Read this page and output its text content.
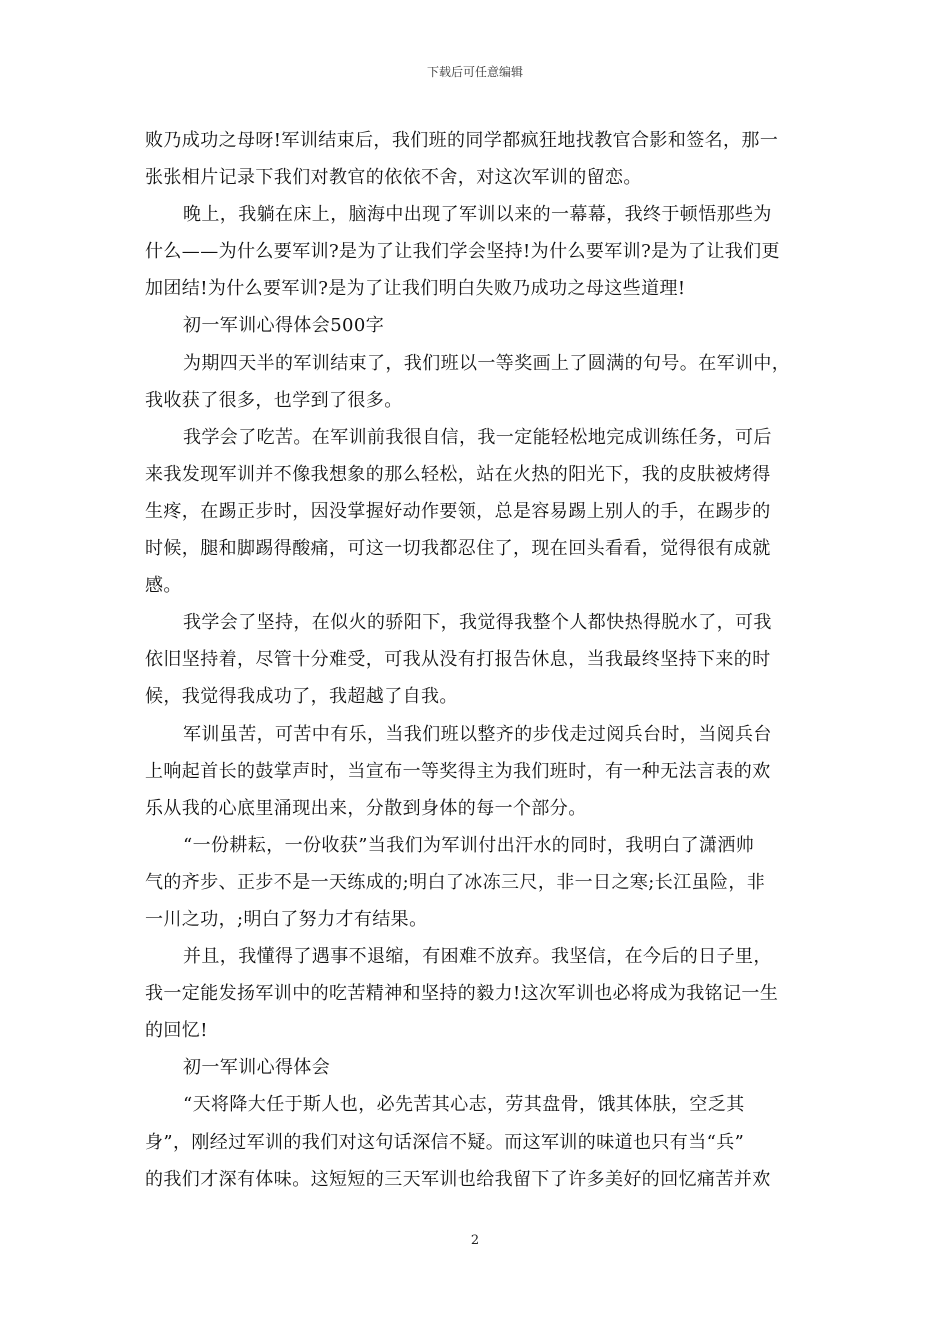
下载后可任意编辑
败乃成功之母呀!军训结束后，我们班的同学都疯狂地找教官合影和签名，那一
张张相片记录下我们对教官的依依不舍，对这次军训的留恋。
晚上，我躺在床上，脑海中出现了军训以来的一幕幕，我终于顿悟那些为
什么——为什么要军训?是为了让我们学会坚持!为什么要军训?是为了让我们更
加团结!为什么要军训?是为了让我们明白失败乃成功之母这些道理!
初一军训心得体会500字
为期四天半的军训结束了，我们班以一等奖画上了圆满的句号。在军训中，
我收获了很多，也学到了很多。
我学会了吃苦。在军训前我很自信，我一定能轻松地完成训练任务，可后
来我发现军训并不像我想象的那么轻松，站在火热的阳光下，我的皮肤被烤得
生疼，在踢正步时，因没掌握好动作要领，总是容易踢上别人的手，在踢步的
时候，腿和脚踢得酸痛，可这一切我都忍住了，现在回头看看，觉得很有成就
感。
我学会了坚持，在似火的骄阳下，我觉得我整个人都快热得脱水了，可我
依旧坚持着，尽管十分难受，可我从没有打报告休息，当我最终坚持下来的时
候，我觉得我成功了，我超越了自我。
军训虽苦，可苦中有乐，当我们班以整齐的步伐走过阅兵台时，当阅兵台
上响起首长的鼓掌声时，当宣布一等奖得主为我们班时，有一种无法言表的欢
乐从我的心底里涌现出来，分散到身体的每一个部分。
“一份耕耘，一份收获”当我们为军训付出汗水的同时，我明白了潇洒帅
气的齐步、正步不是一天练成的;明白了冰冻三尺，非一日之寒;长江虽险，非
一川之功，;明白了努力才有结果。
并且，我懂得了遇事不退缩，有困难不放弃。我坚信，在今后的日子里，
我一定能发扬军训中的吃苦精神和坚持的毅力!这次军训也必将成为我铭记一生
的回忆!
初一军训心得体会
“天将降大任于斯人也，必先苦其心志，劳其盘骨，饿其体肤，空乏其
身”，刚经过军训的我们对这句话深信不疑。而这军训的味道也只有当“兵”
的我们才深有体味。这短短的三天军训也给我留下了许多美好的回忆痛苦并欢
2
